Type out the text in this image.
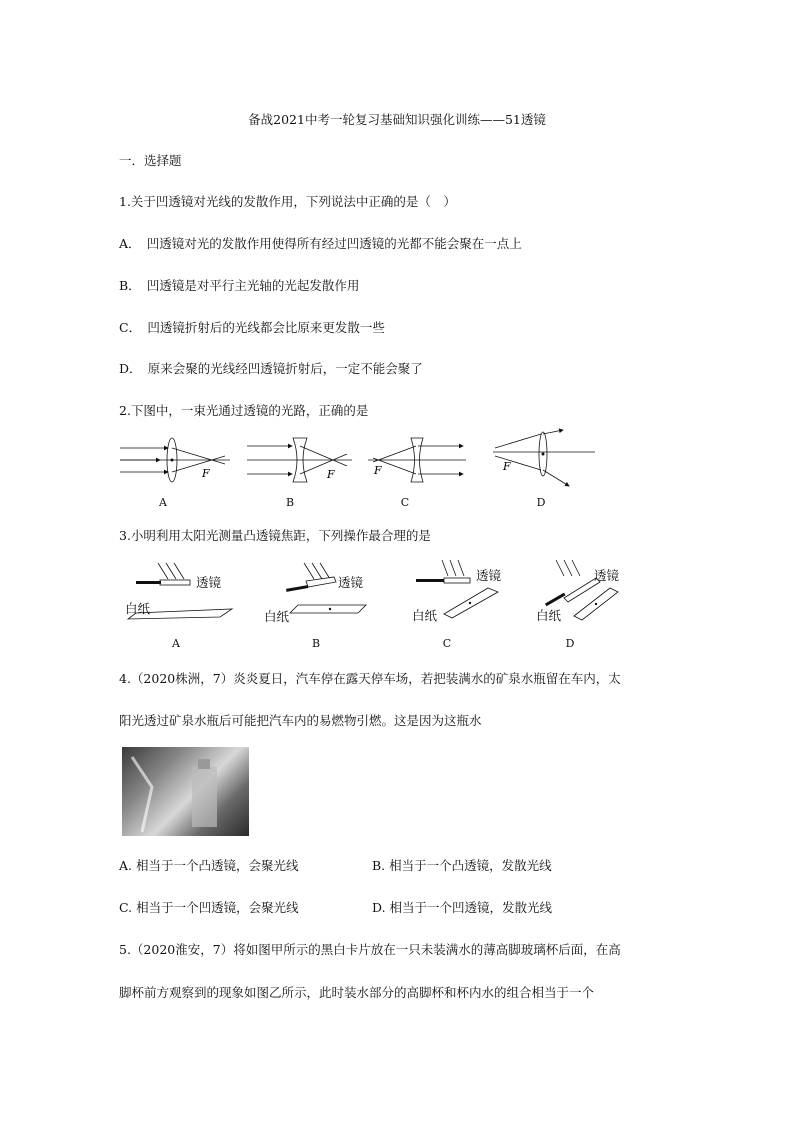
备战2021中考一轮复习基础知识强化训练——51透镜
一．选择题
1.关于凹透镜对光线的发散作用，下列说法中正确的是（　）
A．　凹透镜对光的发散作用使得所有经过凹透镜的光都不能会聚在一点上
B．　凹透镜是对平行主光轴的光起发散作用
C．　凹透镜折射后的光线都会比原来更发散一些
D．　原来会聚的光线经凹透镜折射后，一定不能会聚了
2.下图中，一束光通过透镜的光路，正确的是
F	F	F	F
A	B	C	D
3.小明利用太阳光测量凸透镜焦距，下列操作最合理的是
透镜
白纸
透镜
白纸
透镜
白纸
透镜
白纸
A	B	C	D
4.（2020株洲，7）炎炎夏日，汽车停在露天停车场，若把装满水的矿泉水瓶留在车内，太
阳光透过矿泉水瓶后可能把汽车内的易燃物引燃。这是因为这瓶水
A. 相当于一个凸透镜，会聚光线	B. 相当于一个凸透镜，发散光线
C. 相当于一个凹透镜，会聚光线	D. 相当于一个凹透镜，发散光线
5.（2020淮安，7）将如图甲所示的黑白卡片放在一只未装满水的薄高脚玻璃杯后面，在高
脚杯前方观察到的现象如图乙所示，此时装水部分的高脚杯和杯内水的组合相当于一个
